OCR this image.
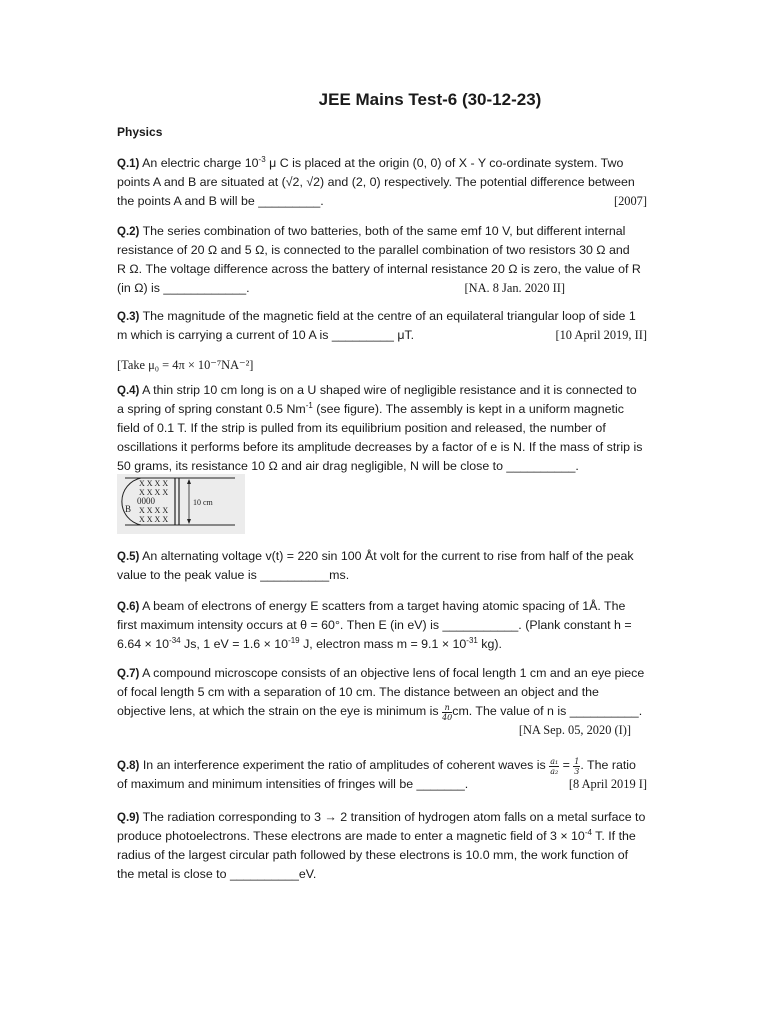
JEE Mains Test-6 (30-12-23)
Physics
Q.1) An electric charge $10^{-3}$ μ C is placed at the origin (0, 0) of X - Y co-ordinate system. Two
points A and B are situated at (√2, √2) and (2, 0) respectively. The potential difference between
the points A and B will be _________.	[2007]
Q.2) The series combination of two batteries, both of the same emf 10 V, but different internal
resistance of 20 Ω and 5 Ω, is connected to the parallel combination of two resistors 30 Ω and
R Ω. The voltage difference across the battery of internal resistance 20 Ω is zero, the value of R
(in Ω) is ____________.	[NA. 8 Jan. 2020 II]
Q.3) The magnitude of the magnetic field at the centre of an equilateral triangular loop of side 1
m which is carrying a current of 10 A is _________ μT.	[10 April 2019, II]
[Take μ₀ = 4π × 10⁻⁷NA⁻²]
Q.4) A thin strip 10 cm long is on a U shaped wire of negligible resistance and it is connected to
a spring of spring constant 0.5 $Nm^{-1}$ (see figure). The assembly is kept in a uniform magnetic
field of 0.1 T. If the strip is pulled from its equilibrium position and released, the number of
oscillations it performs before its amplitude decreases by a factor of e is N. If the mass of strip is
50 grams, its resistance 10 Ω and air drag negligible, N will be close to __________.
B
0000	10 cm
X X X X
X X X X
X X X X
X X X X
Q.5) An alternating voltage v(t) = 220 sin 100 Åt volt for the current to rise from half of the peak
value to the peak value is __________ms.
Q.6) A beam of electrons of energy E scatters from a target having atomic spacing of 1Å. The
first maximum intensity occurs at θ = 60°. Then E (in eV) is ___________. (Plank constant h =
$6.64 \times 10^{-34}$ Js, 1 eV = $1.6 \times 10^{-19}$ J, electron mass $m = 9.1 \times 10^{-31}$ kg).
Q.7) A compound microscope consists of an objective lens of focal length 1 cm and an eye piece
of focal length 5 cm with a separation of 10 cm. The distance between an object and the
objective lens, at which the strain on the eye is minimum is $\frac{n}{40}$ cm. The value of n is __________.
[NA Sep. 05, 2020 (I)]
Q.8) In an interference experiment the ratio of amplitudes of coherent waves is $\frac{\text{a₁}}{\text{a₂}} = \frac{1}{3}$ . The ratio
of maximum and minimum intensities of fringes will be _______.	[8 April 2019 I]
Q.9) The radiation corresponding to 3 → 2 transition of hydrogen atom falls on a metal surface to
produce photoelectrons. These electrons are made to enter a magnetic field of $3 \times 10^{-4}$ T. If the
radius of the largest circular path followed by these electrons is 10.0 mm, the work function of
the metal is close to __________eV.
